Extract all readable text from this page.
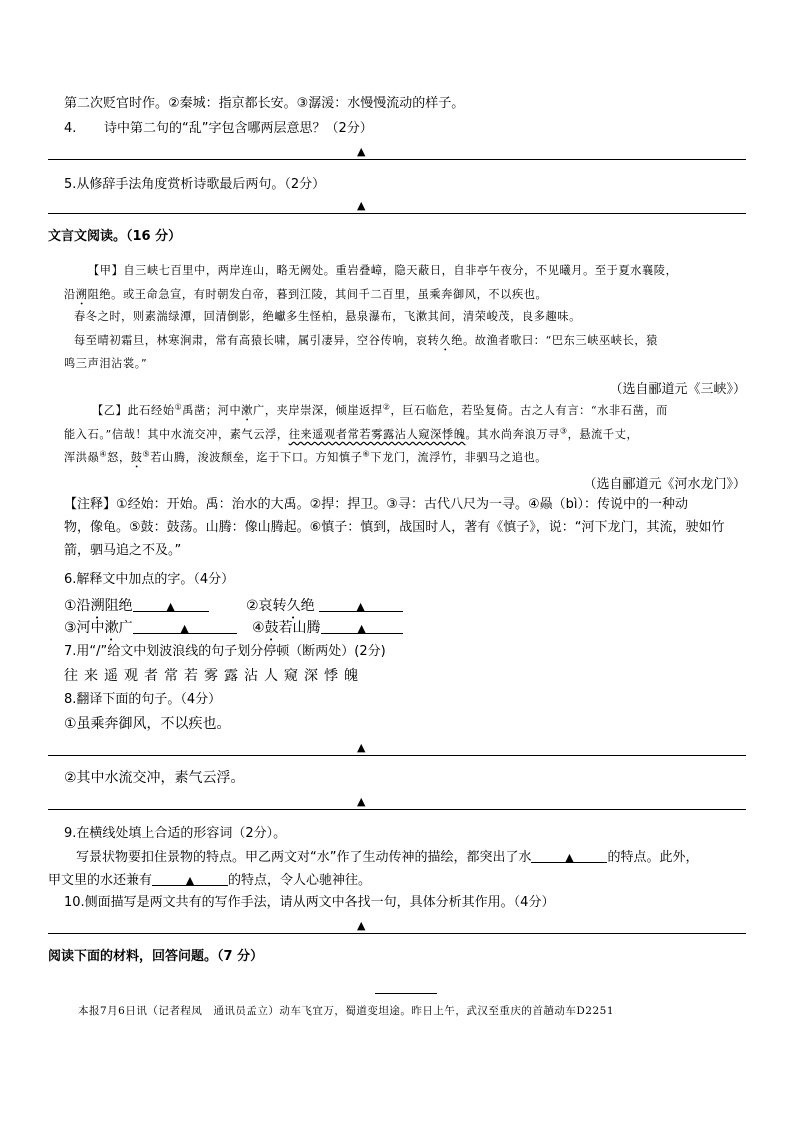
第二次贬官时作。②秦城：指京都长安。③潺湲：水慢慢流动的样子。
4. 诗中第二句的“乱”字包含哪两层意思？（2分）
▲
5.从修辞手法角度赏析诗歌最后两句。（2分）
▲
文言文阅读。（16 分）
【甲】自三峡七百里中，两岸连山，略无阙处。重岩叠嶂，隐天蔽日，自非亭午夜分，不见曦月。至于夏水襄陵，
沿溯阻绝。或王命急宣，有时朝发白帝，暮到江陵，其间千二百里，虽乘奔御风，不以疾也。
春冬之时，则素湍绿潭，回清倒影，绝巘多生怪柏，悬泉瀑布，飞漱其间，清荣峻茂，良多趣味。
每至晴初霜旦，林寒涧肃，常有高猿长啸，属引凄异，空谷传响，哀转久绝。故渔者歌曰：“巴东三峡巫峡长，猿
鸣三声泪沾裳。”
（选自郦道元《三峡》）
【乙】此石经始①禹凿；河中漱广，夹岸崇深，倾崖返捍②，巨石临危，若坠复倚。古之人有言：“水非石凿，而
能入石。”信哉！其中水流交冲，素气云浮，往来遥观者常若雾露沾人窥深悸魄。其水尚奔浪万寻③，悬流千丈，
浑洪赑④怒，鼓⑤若山腾，浚波颓垒，迄于下口。方知慎子⑥下龙门，流浮竹，非驷马之追也。
（选自郦道元《河水龙门》）
【注释】①经始：开始。禹：治水的大禹。②捍：捍卫。③寻：古代八尺为一寻。④赑（bì）：传说中的一种动
物，像龟。⑤鼓：鼓荡。山腾：像山腾起。⑥慎子：慎到，战国时人，著有《慎子》，说：“河下龙门，其流，驶如竹
箭，驷马追之不及。”
6.解释文中加点的字。（4分）
①沿溯阻绝	▲	②哀转久绝	▲
③河中漱广	▲	④鼓若山腾	▲
7.用“/”给文中划波浪线的句子划分停顿（断两处）(2分)
往来遥观者常若雾露沾人窥深悸魄
8.翻译下面的句子。（4分）
①虽乘奔御风，不以疾也。
▲
②其中水流交冲，素气云浮。
▲
9.在横线处填上合适的形容词（2分）。
写景状物要扣住景物的特点。甲乙两文对“水”作了生动传神的描绘，都突出了水	▲	的特点。此外，
甲文里的水还兼有	▲	的特点，令人心驰神往。
10.侧面描写是两文共有的写作手法，请从两文中各找一句，具体分析其作用。（4分）
▲
阅读下面的材料，回答问题。（7 分）
本报7月6日讯（记者程凤　通讯员孟立）动车飞宜万，蜀道变坦途。昨日上午，武汉至重庆的首趟动车D2251
